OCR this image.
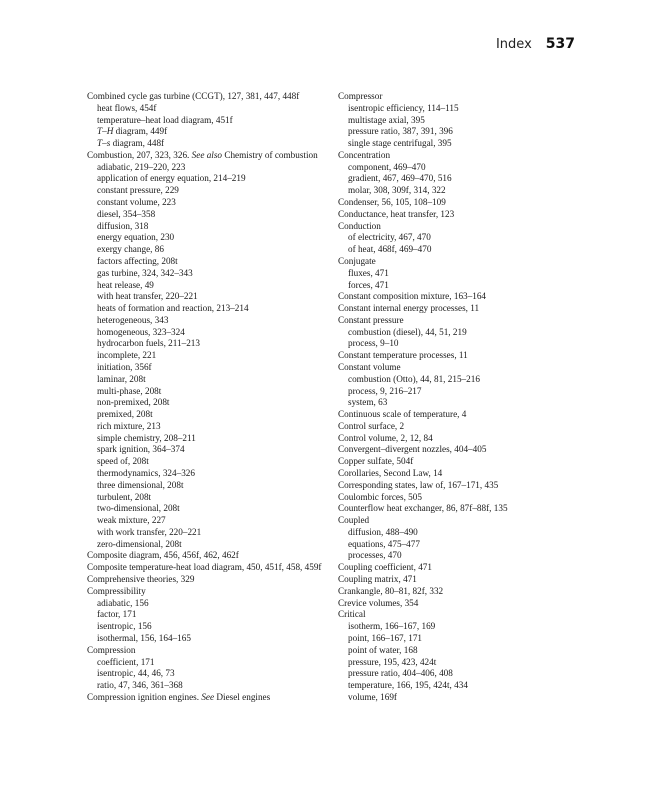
Index 537
Combined cycle gas turbine (CCGT), 127, 381, 447, 448f
heat flows, 454f
temperature–heat load diagram, 451f
T–H diagram, 449f
T–s diagram, 448f
Combustion, 207, 323, 326. See also Chemistry of combustion
adiabatic, 219–220, 223
application of energy equation, 214–219
constant pressure, 229
constant volume, 223
diesel, 354–358
diffusion, 318
energy equation, 230
exergy change, 86
factors affecting, 208t
gas turbine, 324, 342–343
heat release, 49
with heat transfer, 220–221
heats of formation and reaction, 213–214
heterogeneous, 343
homogeneous, 323–324
hydrocarbon fuels, 211–213
incomplete, 221
initiation, 356f
laminar, 208t
multi-phase, 208t
non-premixed, 208t
premixed, 208t
rich mixture, 213
simple chemistry, 208–211
spark ignition, 364–374
speed of, 208t
thermodynamics, 324–326
three dimensional, 208t
turbulent, 208t
two-dimensional, 208t
weak mixture, 227
with work transfer, 220–221
zero-dimensional, 208t
Composite diagram, 456, 456f, 462, 462f
Composite temperature-heat load diagram, 450, 451f, 458, 459f
Comprehensive theories, 329
Compressibility
adiabatic, 156
factor, 171
isentropic, 156
isothermal, 156, 164–165
Compression
coefficient, 171
isentropic, 44, 46, 73
ratio, 47, 346, 361–368
Compression ignition engines. See Diesel engines
Compressor
isentropic efficiency, 114–115
multistage axial, 395
pressure ratio, 387, 391, 396
single stage centrifugal, 395
Concentration
component, 469–470
gradient, 467, 469–470, 516
molar, 308, 309f, 314, 322
Condenser, 56, 105, 108–109
Conductance, heat transfer, 123
Conduction
of electricity, 467, 470
of heat, 468f, 469–470
Conjugate
fluxes, 471
forces, 471
Constant composition mixture, 163–164
Constant internal energy processes, 11
Constant pressure
combustion (diesel), 44, 51, 219
process, 9–10
Constant temperature processes, 11
Constant volume
combustion (Otto), 44, 81, 215–216
process, 9, 216–217
system, 63
Continuous scale of temperature, 4
Control surface, 2
Control volume, 2, 12, 84
Convergent–divergent nozzles, 404–405
Copper sulfate, 504f
Corollaries, Second Law, 14
Corresponding states, law of, 167–171, 435
Coulombic forces, 505
Counterflow heat exchanger, 86, 87f–88f, 135
Coupled
diffusion, 488–490
equations, 475–477
processes, 470
Coupling coefficient, 471
Coupling matrix, 471
Crankangle, 80–81, 82f, 332
Crevice volumes, 354
Critical
isotherm, 166–167, 169
point, 166–167, 171
point of water, 168
pressure, 195, 423, 424t
pressure ratio, 404–406, 408
temperature, 166, 195, 424t, 434
volume, 169f
